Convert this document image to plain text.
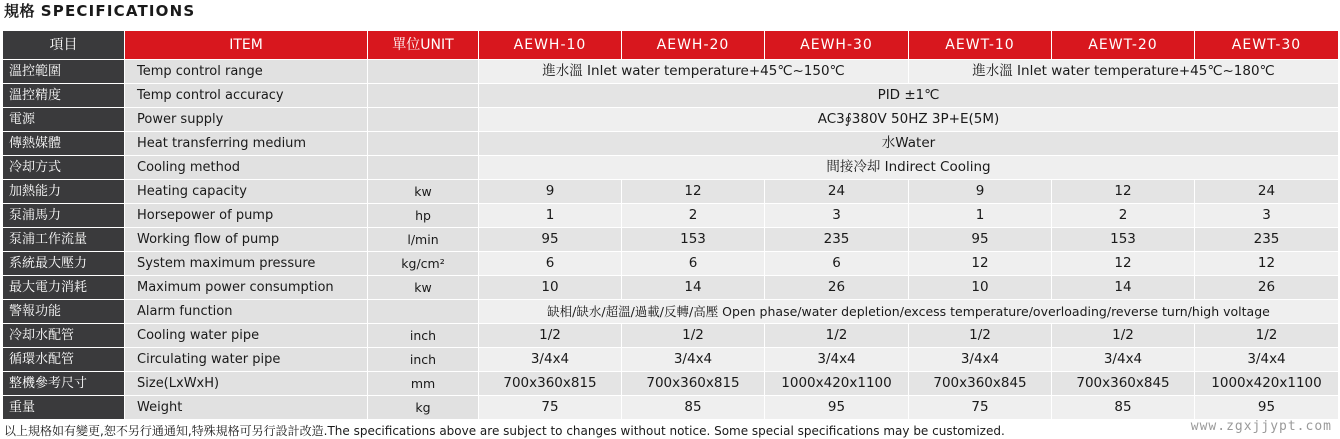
規格 SPECIFICATIONS
項目	ITEM	單位UNIT	AEWH-10	AEWH-20	AEWH-30	AEWT-10	AEWT-20	AEWT-30
溫控範圍	Temp control range		進水溫 Inlet water temperature+45℃~150℃			進水溫 Inlet water temperature+45℃~180℃		
溫控精度	Temp control accuracy		PID ±1℃					
電源	Power supply		AC3∮380V 50HZ 3P+E(5M)					
傳熱媒體	Heat transferring medium		水Water					
冷却方式	Cooling method		間接冷却 Indirect Cooling					
加熱能力	Heating capacity	kw	9	12	24	9	12	24
泵浦馬力	Horsepower of pump	hp	1	2	3	1	2	3
泵浦工作流量	Working flow of pump	l/min	95	153	235	95	153	235
系統最大壓力	System maximum pressure	kg/cm²	6	6	6	12	12	12
最大電力消耗	Maximum power consumption	kw	10	14	26	10	14	26
警報功能	Alarm function		缺相/缺水/超溫/過載/反轉/高壓 Open phase/water depletion/excess temperature/overloading/reverse turn/high voltage					
冷却水配管	Cooling water pipe	inch	1/2	1/2	1/2	1/2	1/2	1/2
循環水配管	Circulating water pipe	inch	3/4x4	3/4x4	3/4x4	3/4x4	3/4x4	3/4x4
整機參考尺寸	Size(LxWxH)	mm	700x360x815	700x360x815	1000x420x1100	700x360x845	700x360x845	1000x420x1100
重量	Weight	kg	75	85	95	75	85	95
以上規格如有變更,恕不另行通通知,特殊規格可另行設計改造.The specifications above are subject to changes without notice. Some special specifications may be customized.	www.zgxjjypt.com
